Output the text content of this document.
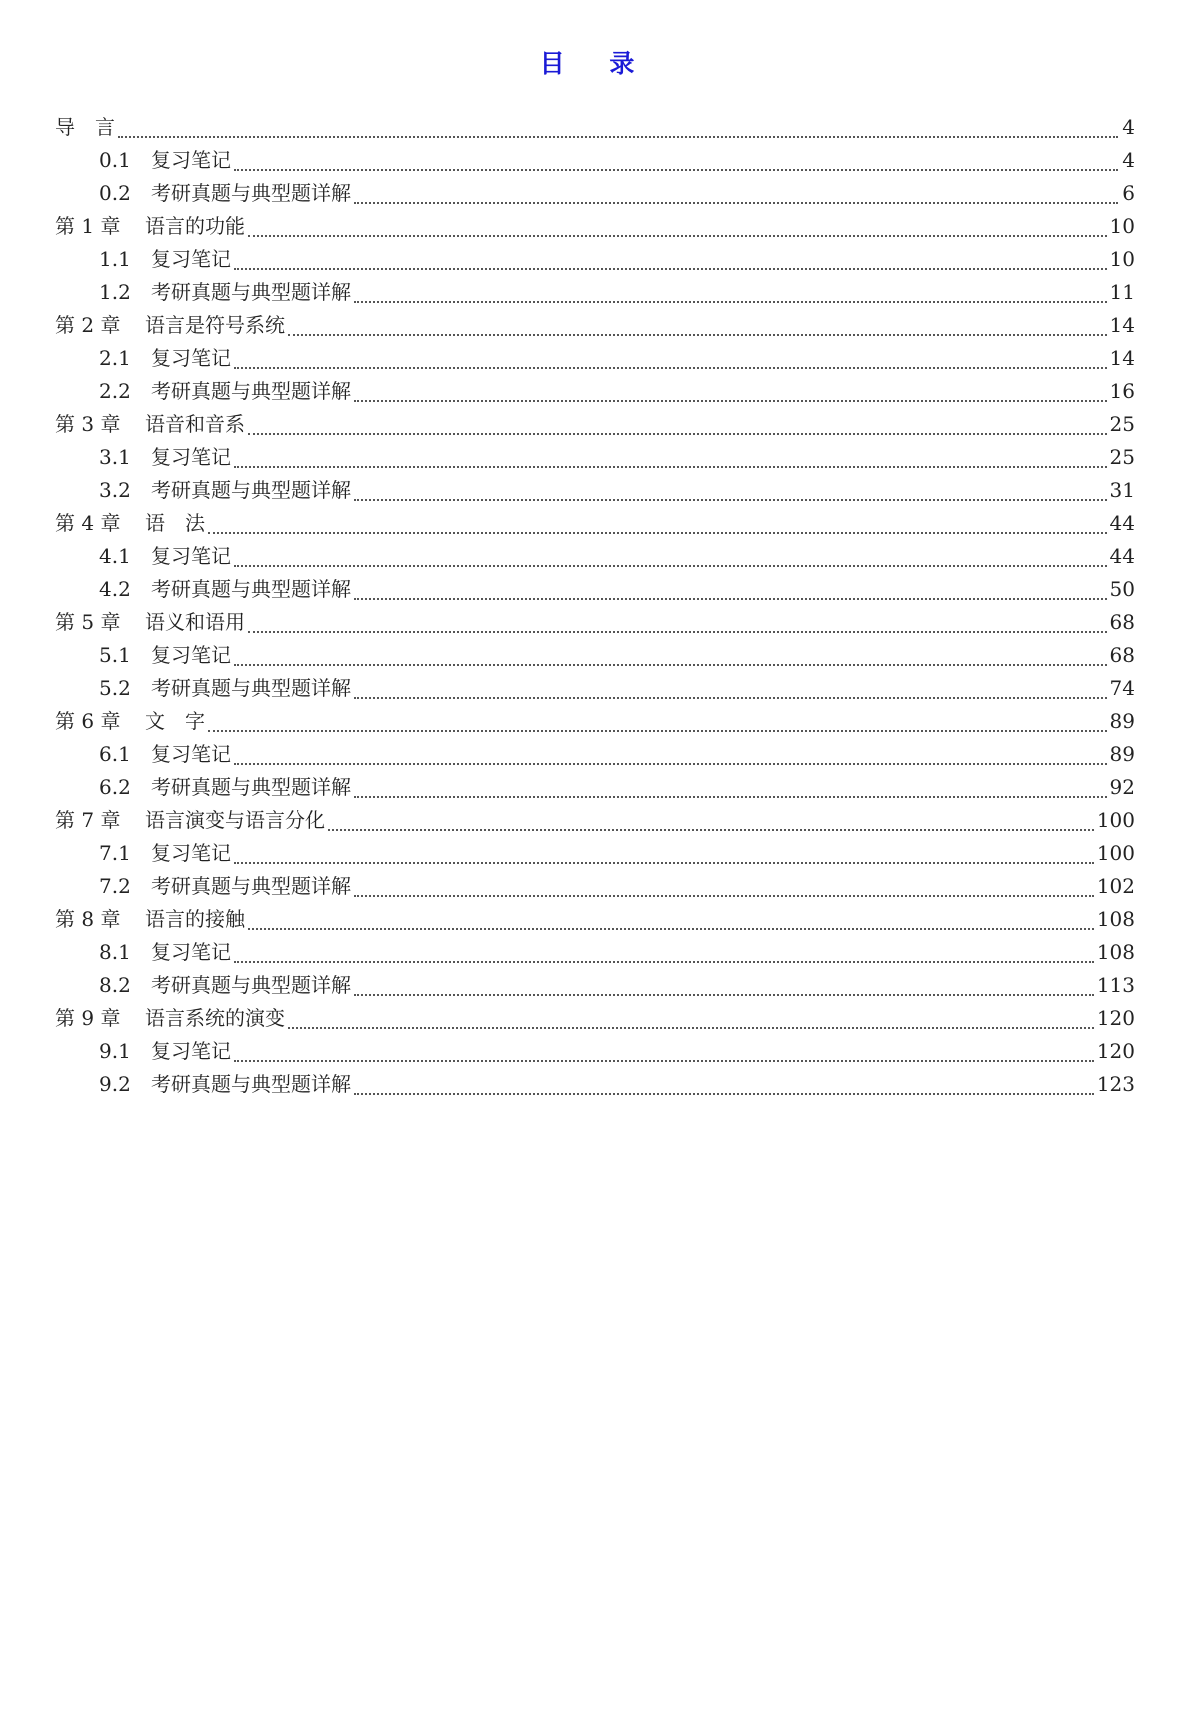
目 录
导　言	4
0.1	复习笔记	4
0.2	考研真题与典型题详解	6
第 1 章	语言的功能	10
1.1	复习笔记	10
1.2	考研真题与典型题详解	11
第 2 章	语言是符号系统	14
2.1	复习笔记	14
2.2	考研真题与典型题详解	16
第 3 章	语音和音系	25
3.1	复习笔记	25
3.2	考研真题与典型题详解	31
第 4 章	语　法	44
4.1	复习笔记	44
4.2	考研真题与典型题详解	50
第 5 章	语义和语用	68
5.1	复习笔记	68
5.2	考研真题与典型题详解	74
第 6 章	文　字	89
6.1	复习笔记	89
6.2	考研真题与典型题详解	92
第 7 章	语言演变与语言分化	100
7.1	复习笔记	100
7.2	考研真题与典型题详解	102
第 8 章	语言的接触	108
8.1	复习笔记	108
8.2	考研真题与典型题详解	113
第 9 章	语言系统的演变	120
9.1	复习笔记	120
9.2	考研真题与典型题详解	123
